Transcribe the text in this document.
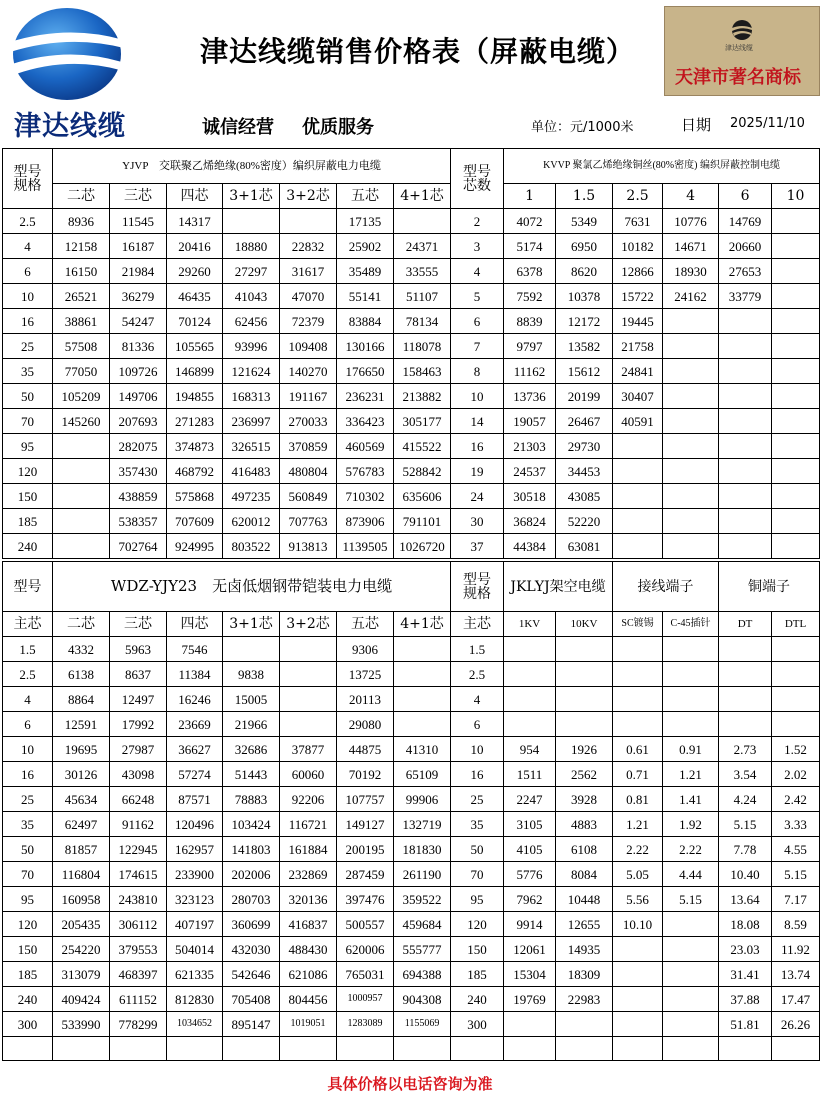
津达线缆
津达线缆销售价格表（屏蔽电缆）	津达线缆
天津市著名商标
诚信经营 优质服务	单位：元/1000米	日期 2025/11/10
型号
规格	YJVP　交联聚乙烯绝缘(80%密度）编织屏蔽电力电缆							型号
芯数	KVVP 聚氯乙烯绝缘铜丝(80%密度) 编织屏蔽控制电缆					
	二芯	三芯	四芯	3+1芯	3+2芯	五芯	4+1芯		1	1.5	2.5	4	6	10
2.5	8936	11545	14317			17135		2	4072	5349	7631	10776	14769	
4	12158	16187	20416	18880	22832	25902	24371	3	5174	6950	10182	14671	20660	
6	16150	21984	29260	27297	31617	35489	33555	4	6378	8620	12866	18930	27653	
10	26521	36279	46435	41043	47070	55141	51107	5	7592	10378	15722	24162	33779	
16	38861	54247	70124	62456	72379	83884	78134	6	8839	12172	19445			
25	57508	81336	105565	93996	109408	130166	118078	7	9797	13582	21758			
35	77050	109726	146899	121624	140270	176650	158463	8	11162	15612	24841			
50	105209	149706	194855	168313	191167	236231	213882	10	13736	20199	30407			
70	145260	207693	271283	236997	270033	336423	305177	14	19057	26467	40591			
95		282075	374873	326515	370859	460569	415522	16	21303	29730				
120		357430	468792	416483	480804	576783	528842	19	24537	34453				
150		438859	575868	497235	560849	710302	635606	24	30518	43085				
185		538357	707609	620012	707763	873906	791101	30	36824	52220				
240		702764	924995	803522	913813	1139505	1026720	37	44384	63081				
型号	WDZ-YJY23　无卤低烟钢带铠装电力电缆							型号
规格	JKLYJ架空电缆		接线端子		铜端子	
主芯	二芯	三芯	四芯	3+1芯	3+2芯	五芯	4+1芯	主芯	1KV	10KV	SC镀锡	C-45插针	DT	DTL
1.5	4332	5963	7546			9306		1.5						
2.5	6138	8637	11384	9838		13725		2.5						
4	8864	12497	16246	15005		20113		4						
6	12591	17992	23669	21966		29080		6						
10	19695	27987	36627	32686	37877	44875	41310	10	954	1926	0.61	0.91	2.73	1.52
16	30126	43098	57274	51443	60060	70192	65109	16	1511	2562	0.71	1.21	3.54	2.02
25	45634	66248	87571	78883	92206	107757	99906	25	2247	3928	0.81	1.41	4.24	2.42
35	62497	91162	120496	103424	116721	149127	132719	35	3105	4883	1.21	1.92	5.15	3.33
50	81857	122945	162957	141803	161884	200195	181830	50	4105	6108	2.22	2.22	7.78	4.55
70	116804	174615	233900	202006	232869	287459	261190	70	5776	8084	5.05	4.44	10.40	5.15
95	160958	243810	323123	280703	320136	397476	359522	95	7962	10448	5.56	5.15	13.64	7.17
120	205435	306112	407197	360699	416837	500557	459684	120	9914	12655	10.10		18.08	8.59
150	254220	379553	504014	432030	488430	620006	555777	150	12061	14935			23.03	11.92
185	313079	468397	621335	542646	621086	765031	694388	185	15304	18309			31.41	13.74
240	409424	611152	812830	705408	804456	1000957	904308	240	19769	22983			37.88	17.47
300	533990	778299	1034652	895147	1019051	1283089	1155069	300					51.81	26.26

具体价格以电话咨询为准
